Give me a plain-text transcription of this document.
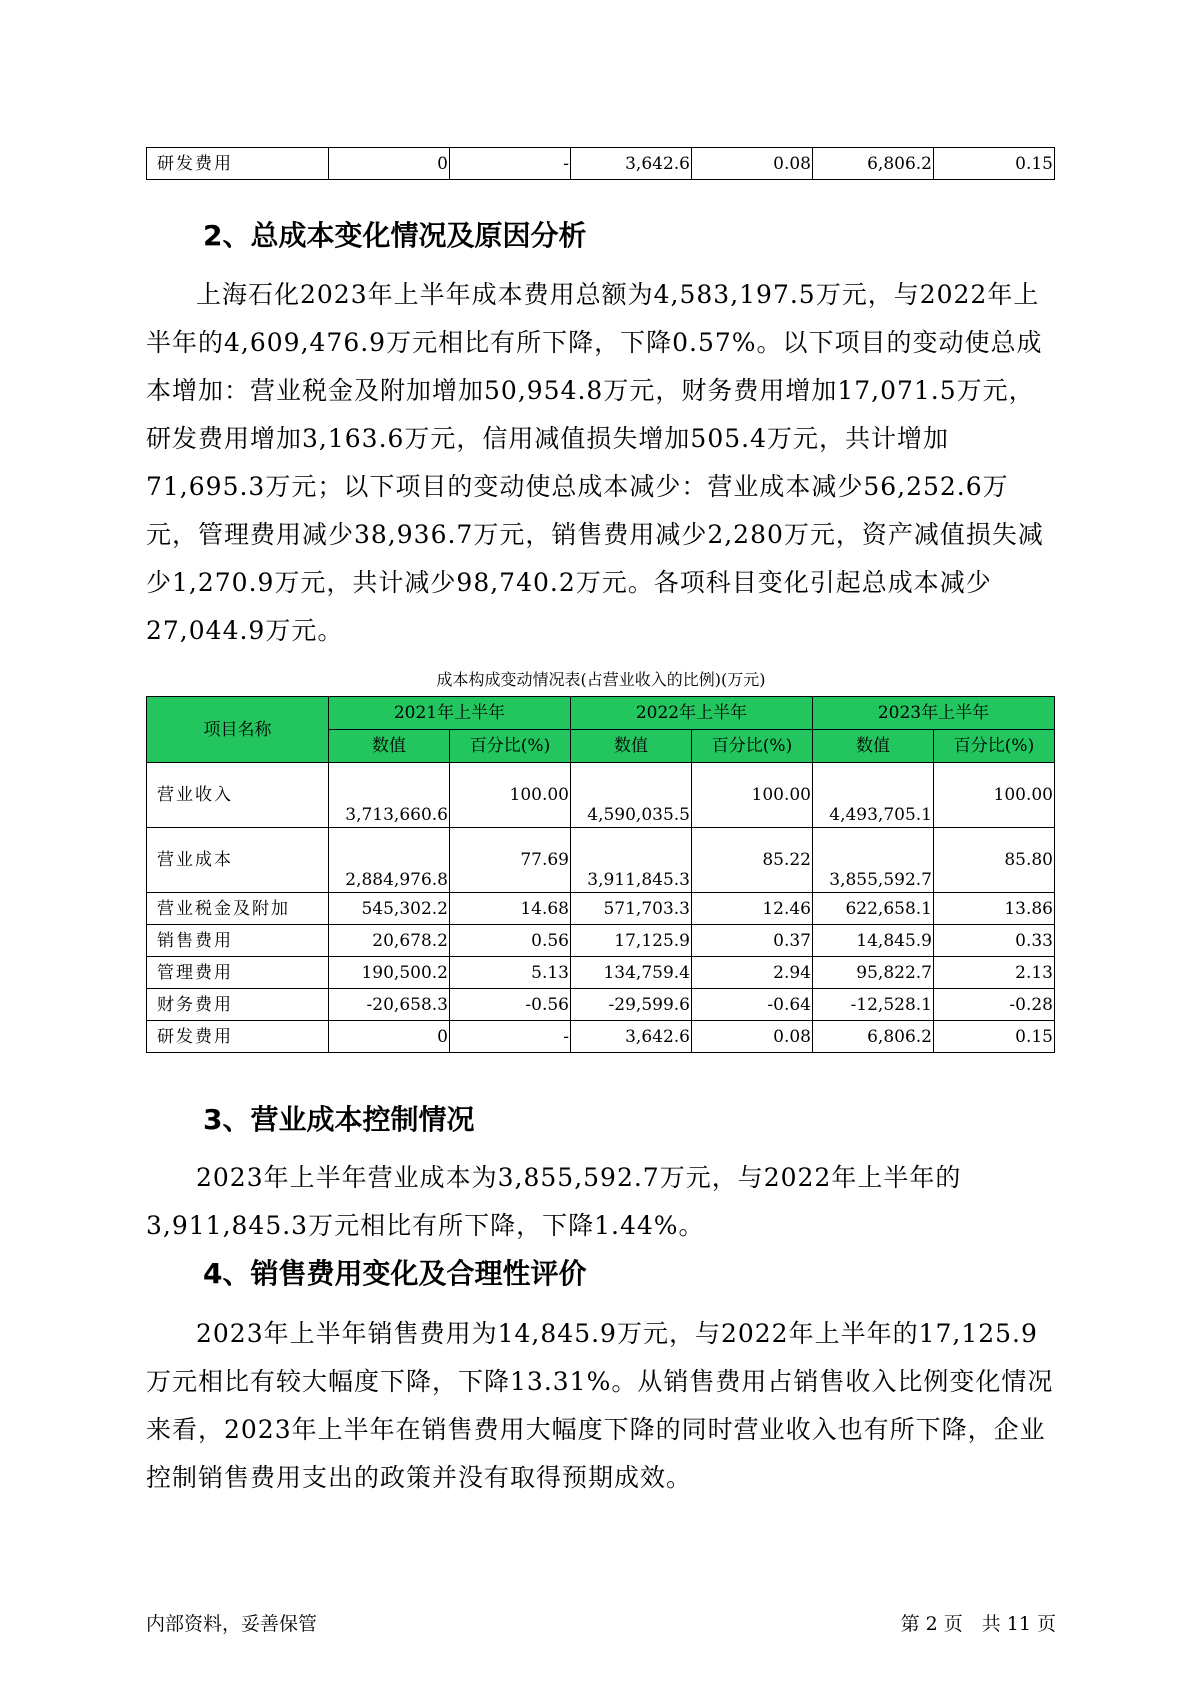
研发费用	0	-	3,642.6	0.08	6,806.2	0.15
2、总成本变化情况及原因分析

上海石化2023年上半年成本费用总额为4,583,197.5万元，与2022年上半年的4,609,476.9万元相比有所下降，下降0.57%。以下项目的变动使总成本增加：营业税金及附加增加50,954.8万元，财务费用增加17,071.5万元，研发费用增加3,163.6万元，信用减值损失增加505.4万元，共计增加71,695.3万元；以下项目的变动使总成本减少：营业成本减少56,252.6万元，管理费用减少38,936.7万元，销售费用减少2,280万元，资产减值损失减少1,270.9万元，共计减少98,740.2万元。各项科目变化引起总成本减少27,044.9万元。

成本构成变动情况表(占营业收入的比例)(万元)
项目名称	2021年上半年		2022年上半年		2023年上半年	
	数值	百分比(%)	数值	百分比(%)	数值	百分比(%)
营业收入	3,713,660.6	100.00	4,590,035.5	100.00	4,493,705.1	100.00
营业成本	2,884,976.8	77.69	3,911,845.3	85.22	3,855,592.7	85.80
营业税金及附加	545,302.2	14.68	571,703.3	12.46	622,658.1	13.86
销售费用	20,678.2	0.56	17,125.9	0.37	14,845.9	0.33
管理费用	190,500.2	5.13	134,759.4	2.94	95,822.7	2.13
财务费用	-20,658.3	-0.56	-29,599.6	-0.64	-12,528.1	-0.28
研发费用	0	-	3,642.6	0.08	6,806.2	0.15
3、营业成本控制情况

2023年上半年营业成本为3,855,592.7万元，与2022年上半年的3,911,845.3万元相比有所下降，下降1.44%。

4、销售费用变化及合理性评价

2023年上半年销售费用为14,845.9万元，与2022年上半年的17,125.9万元相比有较大幅度下降，下降13.31%。从销售费用占销售收入比例变化情况来看，2023年上半年在销售费用大幅度下降的同时营业收入也有所下降，企业控制销售费用支出的政策并没有取得预期成效。

内部资料，妥善保管	第 2 页　共 11 页
